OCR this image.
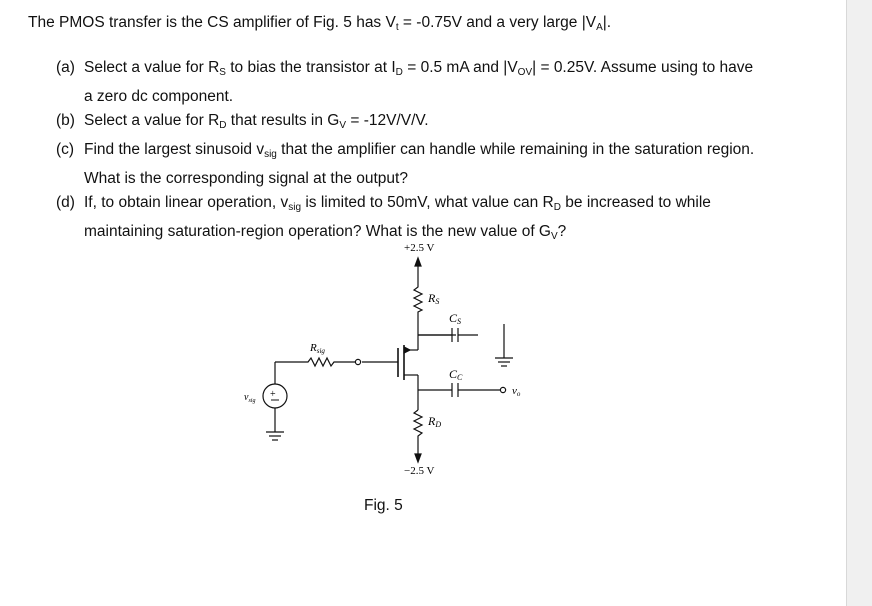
The PMOS transfer is the CS amplifier of Fig. 5 has $V_t = -0.75V$ and a very large $|V_A|$.
(a) Select a value for $R_S$ to bias the transistor at $I_D = 0.5$ mA and $|V_{OV}| = 0.25V$. Assume using to have a zero dc component.
(b) Select a value for $R_D$ that results in $G_V = -12V/V/V$.
(c) Find the largest sinusoid $v_{sig}$ that the amplifier can handle while remaining in the saturation region. What is the corresponding signal at the output?
(d) If, to obtain linear operation, $v_{sig}$ is limited to 50mV, what value can $R_D$ be increased to while maintaining saturation-region operation? What is the new value of $G_V$?
+
+2.5 V
−2.5 V
RS
CS
CC
RD
Rsig
$v_{sig}$
vo
Fig. 5
